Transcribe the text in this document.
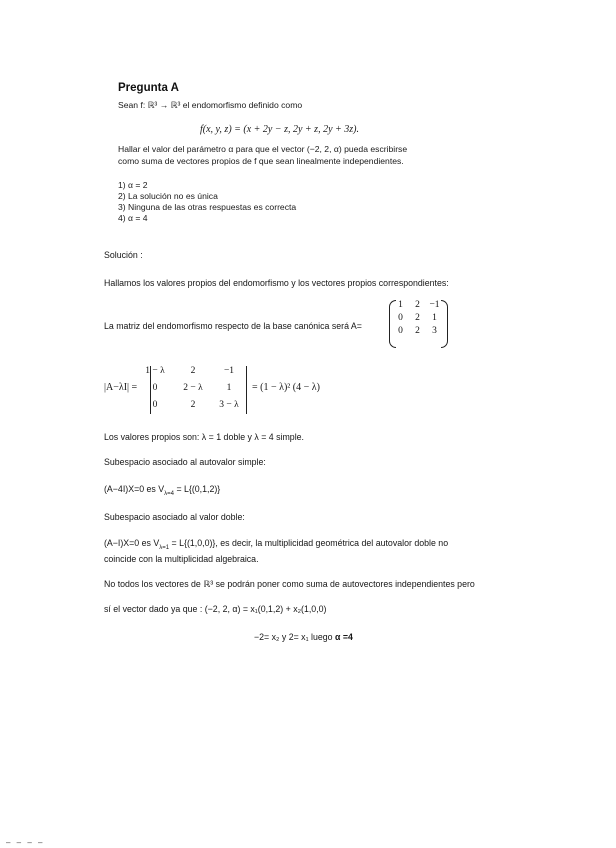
Pregunta A
Sean f: ℝ³ → ℝ³ el endomorfismo definido como
f(x, y, z) = (x + 2y − z, 2y + z, 2y + 3z).
Hallar el valor del parámetro α para que el vector (−2, 2, α) pueda escribirse
como suma de vectores propios de f que sean linealmente independientes.
1) α = 2
2) La solución no es única
3) Ninguna de las otras respuestas es correcta
4) α = 4
Solución :
Hallamos los valores propios del endomorfismo y los vectores propios correspondientes:
La matriz del endomorfismo respecto de la base canónica será A=
1	2	−1
0	2	1
0	2	3
|A−λI| =
1 − λ	2	−1
0	2 − λ	1
0	2	3 − λ
= (1 − λ)² (4 − λ)
Los valores propios son: λ = 1 doble y λ = 4 simple.
Subespacio asociado al autovalor simple:
(A−4I)X=0 es $V_{\lambda=4} = L\{(0,1,2)\}$
Subespacio asociado al valor doble:
(A−I)X=0 es $V_{\lambda=1} = L\{(1,0,0)\}$, es decir, la multiplicidad geométrica del autovalor doble no
coincide con la multiplicidad algebraica.
No todos los vectores de ℝ³ se podrán poner como suma de autovectores independientes pero
sí el vector dado ya que : (−2, 2, α) = x₁(0,1,2) + x₂(1,0,0)
−2= x₂ y 2= x₁ luego α =4
‒ ‒ ‒ ‒
